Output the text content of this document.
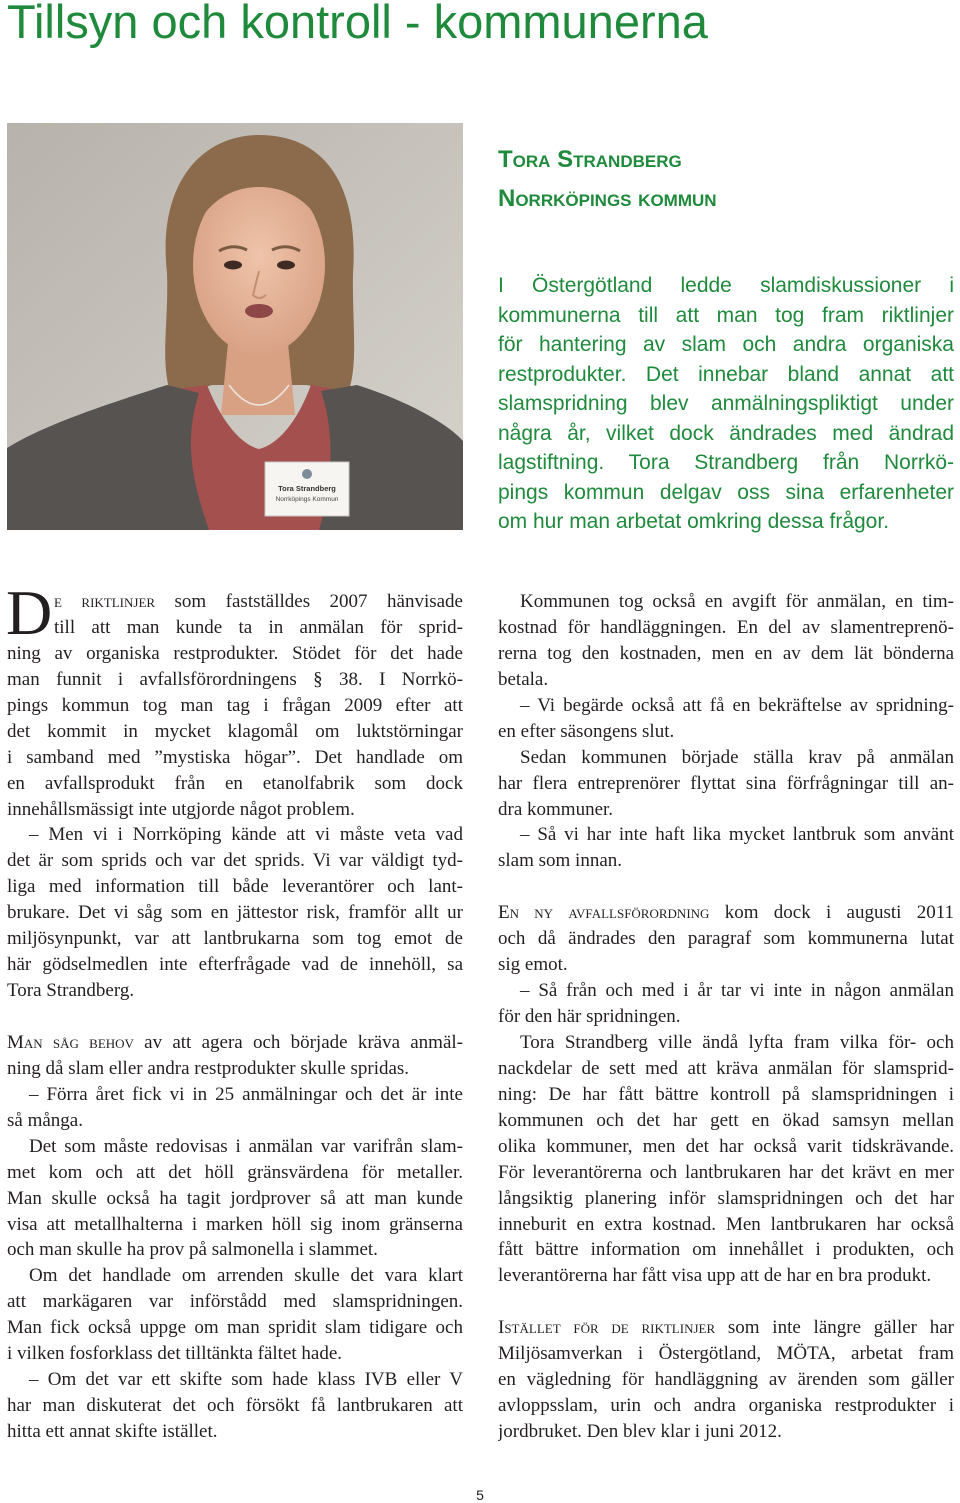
Tillsyn och kontroll - kommunerna
Tora Strandberg
Norrköpings Kommun
Tora Strandberg
Norrköpings kommun
I Östergötland ledde slamdiskussioner i
kommunerna till att man tog fram riktlinjer
för hantering av slam och andra organiska
restprodukter. Det innebar bland annat att
slamspridning blev anmälningspliktigt under
några år, vilket dock ändrades med ändrad
lagstiftning. Tora Strandberg från Norrkö-
pings kommun delgav oss sina erfarenheter
om hur man arbetat omkring dessa frågor.
D e riktlinjer som fastställdes 2007 hänvisade
till att man kunde ta in anmälan för sprid-
ning av organiska restprodukter. Stödet för det hade
man funnit i avfallsförordningens § 38. I Norrkö-
pings kommun tog man tag i frågan 2009 efter att
det kommit in mycket klagomål om luktstörningar
i samband med ”mystiska högar”. Det handlade om
en avfallsprodukt från en etanolfabrik som dock
innehållsmässigt inte utgjorde något problem.
– Men vi i Norrköping kände att vi måste veta vad
det är som sprids och var det sprids. Vi var väldigt tyd-
liga med information till både leverantörer och lant-
brukare. Det vi såg som en jättestor risk, framför allt ur
miljösynpunkt, var att lantbrukarna som tog emot de
här gödselmedlen inte efterfrågade vad de innehöll, sa
Tora Strandberg.
Man såg behov av att agera och började kräva anmäl-
ning då slam eller andra restprodukter skulle spridas.
– Förra året fick vi in 25 anmälningar och det är inte
så många.
Det som måste redovisas i anmälan var varifrån slam-
met kom och att det höll gränsvärdena för metaller.
Man skulle också ha tagit jordprover så att man kunde
visa att metallhalterna i marken höll sig inom gränserna
och man skulle ha prov på salmonella i slammet.
Om det handlade om arrenden skulle det vara klart
att markägaren var införstådd med slamspridningen.
Man fick också uppge om man spridit slam tidigare och
i vilken fosforklass det tilltänkta fältet hade.
– Om det var ett skifte som hade klass IVB eller V
har man diskuterat det och försökt få lantbrukaren att
hitta ett annat skifte istället.
Kommunen tog också en avgift för anmälan, en tim-
kostnad för handläggningen. En del av slamentreprenö-
rerna tog den kostnaden, men en av dem lät bönderna
betala.
– Vi begärde också att få en bekräftelse av spridning-
en efter säsongens slut.
Sedan kommunen började ställa krav på anmälan
har flera entreprenörer flyttat sina förfrågningar till an-
dra kommuner.
– Så vi har inte haft lika mycket lantbruk som använt
slam som innan.
En ny avfallsförordning kom dock i augusti 2011
och då ändrades den paragraf som kommunerna lutat
sig emot.
– Så från och med i år tar vi inte in någon anmälan
för den här spridningen.
Tora Strandberg ville ändå lyfta fram vilka för- och
nackdelar de sett med att kräva anmälan för slamsprid-
ning: De har fått bättre kontroll på slamspridningen i
kommunen och det har gett en ökad samsyn mellan
olika kommuner, men det har också varit tidskrävande.
För leverantörerna och lantbrukaren har det krävt en mer
långsiktig planering inför slamspridningen och det har
inneburit en extra kostnad. Men lantbrukaren har också
fått bättre information om innehållet i produkten, och
leverantörerna har fått visa upp att de har en bra produkt.
Istället för de riktlinjer som inte längre gäller har
Miljösamverkan i Östergötland, MÖTA, arbetat fram
en vägledning för handläggning av ärenden som gäller
avloppsslam, urin och andra organiska restprodukter i
jordbruket. Den blev klar i juni 2012.
5
